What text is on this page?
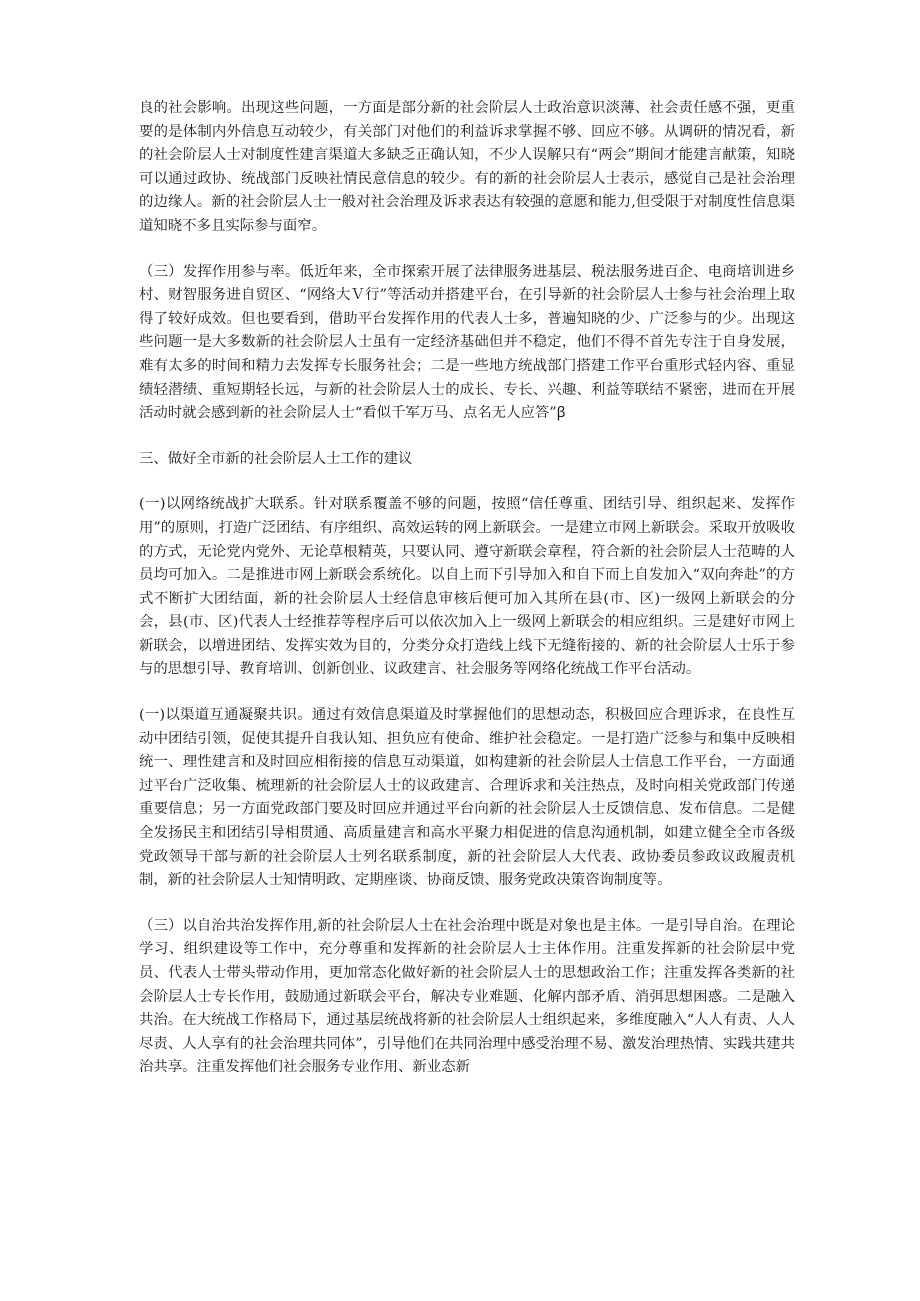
良的社会影响。出现这些问题，一方面是部分新的社会阶层人士政治意识淡薄、社会责任感不强，更重要的是体制内外信息互动较少，有关部门对他们的利益诉求掌握不够、回应不够。从调研的情况看，新的社会阶层人士对制度性建言渠道大多缺乏正确认知，不少人误解只有“两会”期间才能建言献策，知晓可以通过政协、统战部门反映社情民意信息的较少。有的新的社会阶层人士表示，感觉自己是社会治理的边缘人。新的社会阶层人士一般对社会治理及诉求表达有较强的意愿和能力,但受限于对制度性信息渠道知晓不多且实际参与面窄。

（三）发挥作用参与率。低近年来，全市探索开展了法律服务进基层、税法服务进百企、电商培训进乡村、财智服务进自贸区、“网络大Ｖ行”等活动并搭建平台，在引导新的社会阶层人士参与社会治理上取得了较好成效。但也要看到，借助平台发挥作用的代表人士多，普遍知晓的少、广泛参与的少。出现这些问题一是大多数新的社会阶层人士虽有一定经济基础但并不稳定，他们不得不首先专注于自身发展，难有太多的时间和精力去发挥专长服务社会；二是一些地方统战部门搭建工作平台重形式轻内容、重显绩轻潜绩、重短期轻长远，与新的社会阶层人士的成长、专长、兴趣、利益等联结不紧密，进而在开展活动时就会感到新的社会阶层人士“看似千军万马、点名无人应答”ꞵ

三、做好全市新的社会阶层人士工作的建议

(一)以网络统战扩大联系。针对联系覆盖不够的问题，按照“信任尊重、团结引导、组织起来、发挥作用”的原则，打造广泛团结、有序组织、高效运转的网上新联会。一是建立市网上新联会。采取开放吸收的方式，无论党内党外、无论草根精英，只要认同、遵守新联会章程，符合新的社会阶层人士范畴的人员均可加入。二是推进市网上新联会系统化。以自上而下引导加入和自下而上自发加入“双向奔赴”的方式不断扩大团结面，新的社会阶层人士经信息审核后便可加入其所在县(市、区)一级网上新联会的分会，县(市、区)代表人士经推荐等程序后可以依次加入上一级网上新联会的相应组织。三是建好市网上新联会，以增进团结、发挥实效为目的，分类分众打造线上线下无缝衔接的、新的社会阶层人士乐于参与的思想引导、教育培训、创新创业、议政建言、社会服务等网络化统战工作平台活动。

(一)以渠道互通凝聚共识。通过有效信息渠道及时掌握他们的思想动态，积极回应合理诉求，在良性互动中团结引领，促使其提升自我认知、担负应有使命、维护社会稳定。一是打造广泛参与和集中反映相统一、理性建言和及时回应相衔接的信息互动渠道，如构建新的社会阶层人士信息工作平台，一方面通过平台广泛收集、梳理新的社会阶层人士的议政建言、合理诉求和关注热点，及时向相关党政部门传递重要信息；另一方面党政部门要及时回应并通过平台向新的社会阶层人士反馈信息、发布信息。二是健全发扬民主和团结引导相贯通、高质量建言和高水平聚力相促进的信息沟通机制，如建立健全全市各级党政领导干部与新的社会阶层人士列名联系制度，新的社会阶层人大代表、政协委员参政议政履责机制，新的社会阶层人士知情明政、定期座谈、协商反馈、服务党政决策咨询制度等。

（三）以自治共治发挥作用,新的社会阶层人士在社会治理中既是对象也是主体。一是引导自治。在理论学习、组织建设等工作中，充分尊重和发挥新的社会阶层人士主体作用。注重发挥新的社会阶层中党员、代表人士带头带动作用，更加常态化做好新的社会阶层人士的思想政治工作；注重发挥各类新的社会阶层人士专长作用，鼓励通过新联会平台，解决专业难题、化解内部矛盾、消弭思想困惑。二是融入共治。在大统战工作格局下，通过基层统战将新的社会阶层人士组织起来，多维度融入“人人有责、人人尽责、人人享有的社会治理共同体”，引导他们在共同治理中感受治理不易、激发治理热情、实践共建共治共享。注重发挥他们社会服务专业作用、新业态新
